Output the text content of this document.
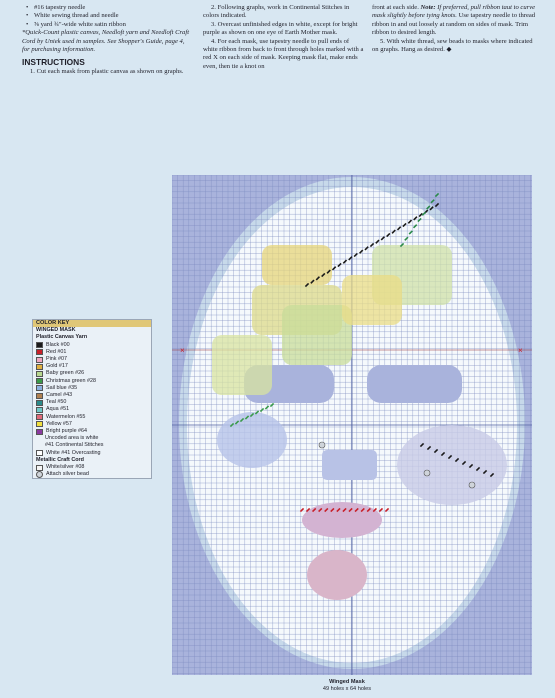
• #16 tapestry needle

• White sewing thread and needle

• ⅝ yard ¾"-wide white satin ribbon

*Quick-Count plastic canvas, Needloft yarn and Needloft Craft Cord by Uniek used in samples. See Shopper's Guide, page 4, for purchasing information.

INSTRUCTIONS

1. Cut each mask from plastic canvas as shown on graphs.

2. Following graphs, work in Continental Stitches in colors indicated.

3. Overcast unfinished edges in white, except for bright purple as shown on one eye of Earth Mother mask.

4. For each mask, use tapestry needle to pull ends of white ribbon from back to front through holes marked with a red X on each side of mask. Keeping mask flat, make ends even, then tie a knot on

front at each side. Note: If preferred, pull ribbon taut to curve mask slightly before tying knots. Use tapestry needle to thread ribbon in and out loosely at random on sides of mask. Trim ribbon to desired length.

5. With white thread, sew beads to masks where indicated on graphs. Hang as desired. ◆

×	×
COLOR KEY
WINGED MASK
Plastic Canvas Yarn
Black #00
Red #01
Pink #07
Gold #17
Baby green #26
Christmas green #28
Sail blue #35
Camel #43
Teal #50
Aqua #51
Watermelon #55
Yellow #57
Bright purple #64
Uncoded area is white
#41 Continental Stitches
White #41 Overcasting
Metallic Craft Cord
White/silver #08
Attach silver bead
Winged Mask
49 holes x 64 holes
